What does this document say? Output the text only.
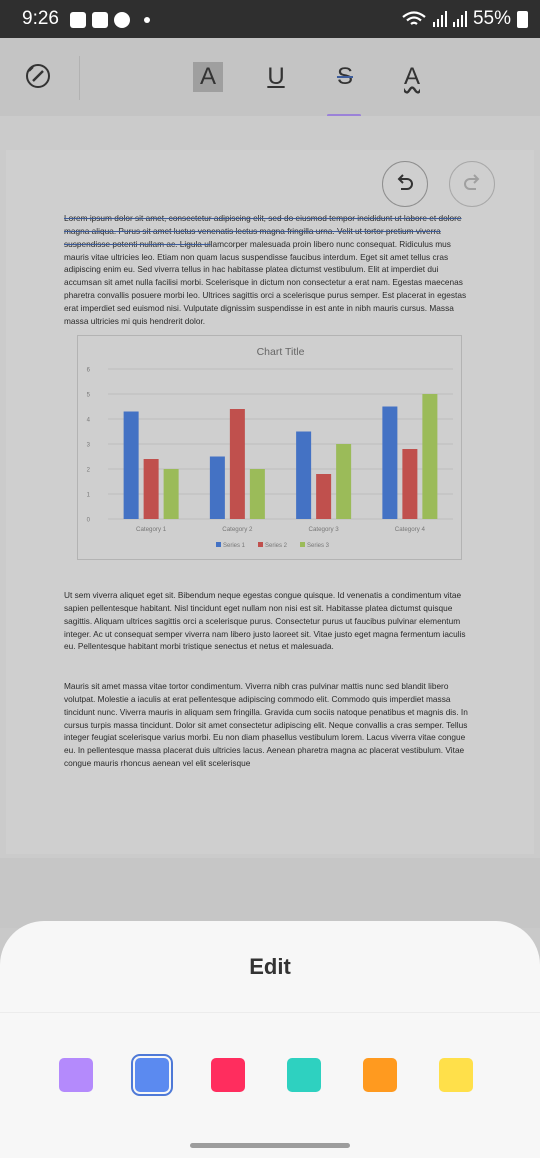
9:26	55%
A U S A
Lorem ipsum dolor sit amet, consectetur adipiscing elit, sed do eiusmod tempor incididunt ut labore et dolore magna aliqua. Purus sit amet luctus venenatis lectus magna fringilla urna. Velit ut tortor pretium viverra suspendisse potenti nullam ac. Ligula ullamcorper malesuada proin libero nunc consequat. Ridiculus mus mauris vitae ultricies leo. Etiam non quam lacus suspendisse faucibus interdum. Eget sit amet tellus cras adipiscing enim eu. Sed viverra tellus in hac habitasse platea dictumst vestibulum. Elit at imperdiet dui accumsan sit amet nulla facilisi morbi. Scelerisque in dictum non consectetur a erat nam. Egestas maecenas pharetra convallis posuere morbi leo. Ultrices sagittis orci a scelerisque purus semper. Est placerat in egestas erat imperdiet sed euismod nisi. Vulputate dignissim suspendisse in est ante in nibh mauris cursus. Massa massa ultricies mi quis hendrerit dolor.
Chart Title
0
1
2
3
4
5
6
Category 1	Category 2	Category 3	Category 4
Series 1	Series 2	Series 3
Ut sem viverra aliquet eget sit. Bibendum neque egestas congue quisque. Id venenatis a condimentum vitae sapien pellentesque habitant. Nisl tincidunt eget nullam non nisi est sit. Habitasse platea dictumst quisque sagittis. Aliquam ultrices sagittis orci a scelerisque purus. Consectetur purus ut faucibus pulvinar elementum integer. Ac ut consequat semper viverra nam libero justo laoreet sit. Vitae justo eget magna fermentum iaculis eu. Pellentesque habitant morbi tristique senectus et netus et malesuada.
Mauris sit amet massa vitae tortor condimentum. Viverra nibh cras pulvinar mattis nunc sed blandit libero volutpat. Molestie a iaculis at erat pellentesque adipiscing commodo elit. Commodo quis imperdiet massa tincidunt nunc. Viverra mauris in aliquam sem fringilla. Gravida cum sociis natoque penatibus et magnis dis. In cursus turpis massa tincidunt. Dolor sit amet consectetur adipiscing elit. Neque convallis a cras semper. Tellus integer feugiat scelerisque varius morbi. Eu non diam phasellus vestibulum lorem. Lacus viverra vitae congue eu. In pellentesque massa placerat duis ultricies lacus. Aenean pharetra magna ac placerat vestibulum. Vitae congue mauris rhoncus aenean vel elit scelerisque
Edit
